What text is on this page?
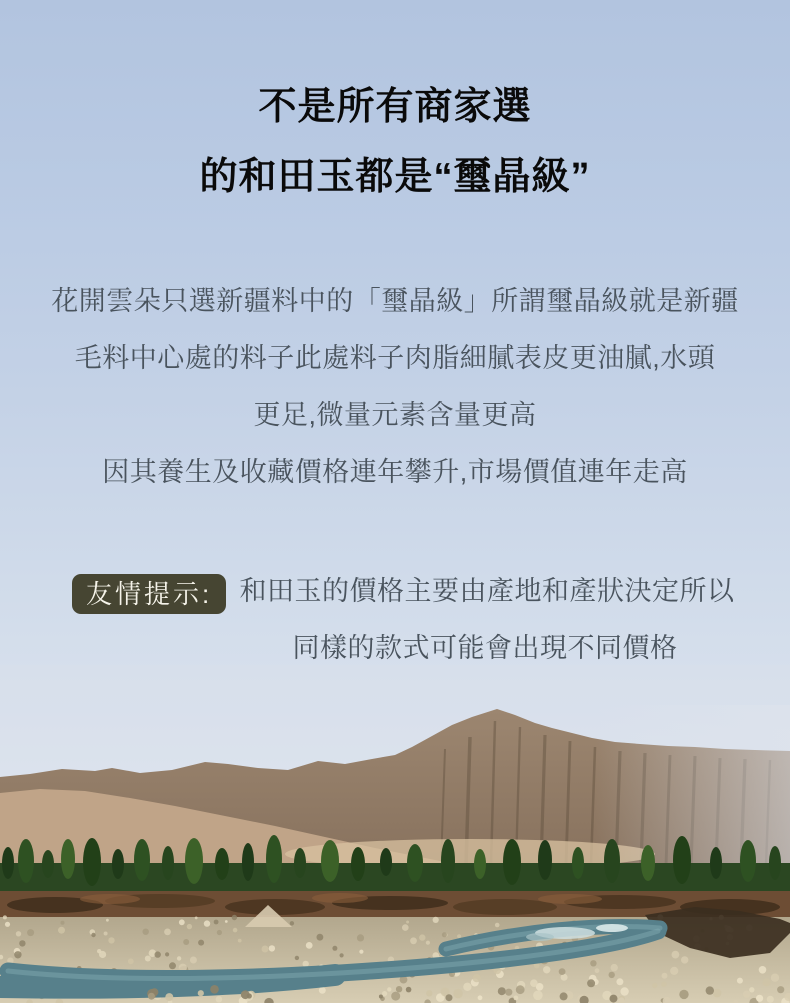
不是所有商家選
的和田玉都是“璽晶級”
花開雲朵只選新疆料中的「璽晶級」所謂璽晶級就是新疆
毛料中心處的料子此處料子肉脂細膩表皮更油膩,水頭
更足,微量元素含量更高
因其養生及收藏價格連年攀升,市場價值連年走高
友情提示:	和田玉的價格主要由產地和產狀決定所以
同樣的款式可能會出現不同價格
